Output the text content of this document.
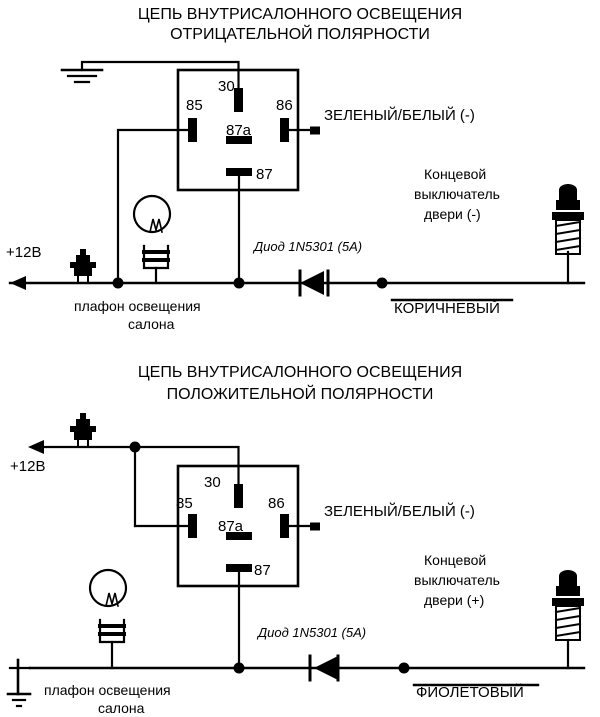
ЦЕПЬ ВНУТРИСАЛОННОГО ОСВЕЩЕНИЯ
ОТРИЦАТЕЛЬНОЙ ПОЛЯРНОСТИ
30
85	86
87a
87
ЗЕЛЕНЫЙ/БЕЛЫЙ (-)
Концевой
выключатель
двери (-)
Диод 1N5301 (5А)
+12В
плафон освещения
салона
КОРИЧНЕВЫЙ
ЦЕПЬ ВНУТРИСАЛОННОГО ОСВЕЩЕНИЯ
ПОЛОЖИТЕЛЬНОЙ ПОЛЯРНОСТИ
30
85	86
87a
87
ЗЕЛЕНЫЙ/БЕЛЫЙ (-)
Концевой
выключатель
двери (+)
Диод 1N5301 (5А)
+12В
плафон освещения
салона
ФИОЛЕТОВЫЙ
